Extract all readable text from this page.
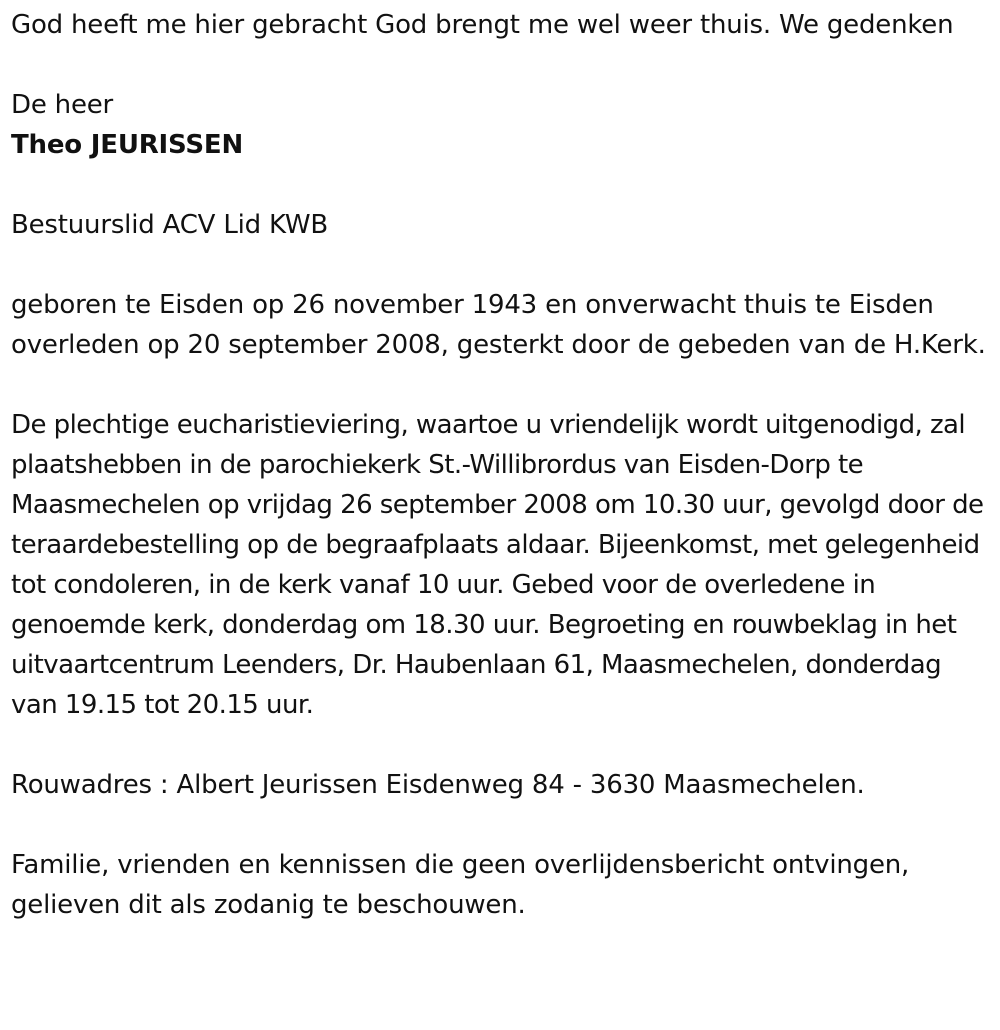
God heeft me hier gebracht God brengt me wel weer thuis. We gedenken

De heer

Theo JEURISSEN

Bestuurslid ACV Lid KWB

geboren te Eisden op 26 november 1943 en onverwacht thuis te Eisden overleden op 20 september 2008, gesterkt door de gebeden van de H.Kerk.

De plechtige eucharistieviering, waartoe u vriendelijk wordt uitgenodigd, zal plaatshebben in de parochiekerk St.-Willibrordus van Eisden-Dorp te Maasmechelen op vrijdag 26 september 2008 om 10.30 uur, gevolgd door de teraardebestelling op de begraafplaats aldaar. Bijeenkomst, met gelegenheid tot condoleren, in de kerk vanaf 10 uur. Gebed voor de overledene in genoemde kerk, donderdag om 18.30 uur. Begroeting en rouwbeklag in het uitvaartcentrum Leenders, Dr. Haubenlaan 61, Maasmechelen, donderdag van 19.15 tot 20.15 uur.

Rouwadres : Albert Jeurissen Eisdenweg 84 - 3630 Maasmechelen.

Familie, vrienden en kennissen die geen overlijdensbericht ontvingen, gelieven dit als zodanig te beschouwen.
